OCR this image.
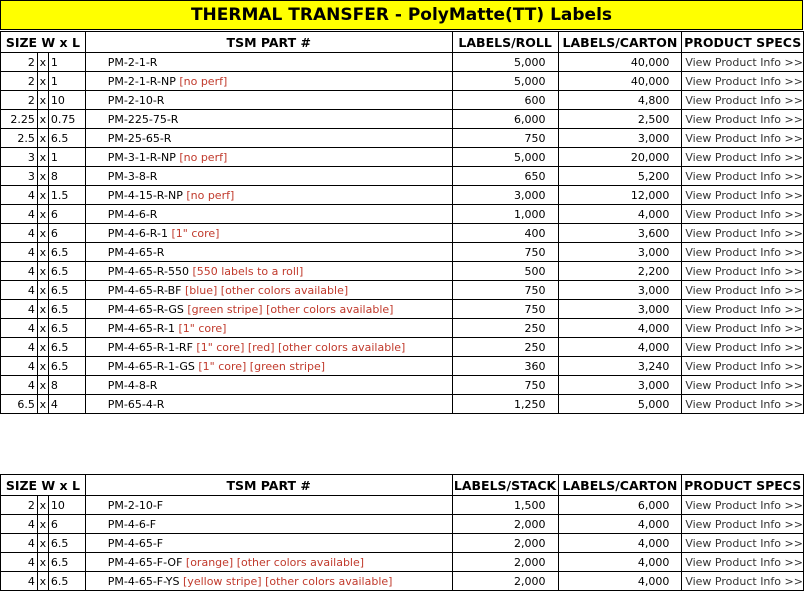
THERMAL TRANSFER - PolyMatte(TT) Labels
SIZE W x L			TSM PART #	LABELS/ROLL	LABELS/CARTON	PRODUCT SPECS
2	x	1	PM-2-1-R	5,000	40,000	View Product Info >>
2	x	1	PM-2-1-R-NP [no perf]	5,000	40,000	View Product Info >>
2	x	10	PM-2-10-R	600	4,800	View Product Info >>
2.25	x	0.75	PM-225-75-R	6,000	2,500	View Product Info >>
2.5	x	6.5	PM-25-65-R	750	3,000	View Product Info >>
3	x	1	PM-3-1-R-NP [no perf]	5,000	20,000	View Product Info >>
3	x	8	PM-3-8-R	650	5,200	View Product Info >>
4	x	1.5	PM-4-15-R-NP [no perf]	3,000	12,000	View Product Info >>
4	x	6	PM-4-6-R	1,000	4,000	View Product Info >>
4	x	6	PM-4-6-R-1 [1" core]	400	3,600	View Product Info >>
4	x	6.5	PM-4-65-R	750	3,000	View Product Info >>
4	x	6.5	PM-4-65-R-550 [550 labels to a roll]	500	2,200	View Product Info >>
4	x	6.5	PM-4-65-R-BF [blue] [other colors available]	750	3,000	View Product Info >>
4	x	6.5	PM-4-65-R-GS [green stripe] [other colors available]	750	3,000	View Product Info >>
4	x	6.5	PM-4-65-R-1 [1" core]	250	4,000	View Product Info >>
4	x	6.5	PM-4-65-R-1-RF [1" core] [red] [other colors available]	250	4,000	View Product Info >>
4	x	6.5	PM-4-65-R-1-GS [1" core] [green stripe]	360	3,240	View Product Info >>
4	x	8	PM-4-8-R	750	3,000	View Product Info >>
6.5	x	4	PM-65-4-R	1,250	5,000	View Product Info >>
SIZE W x L			TSM PART #	LABELS/STACK	LABELS/CARTON	PRODUCT SPECS
2	x	10	PM-2-10-F	1,500	6,000	View Product Info >>
4	x	6	PM-4-6-F	2,000	4,000	View Product Info >>
4	x	6.5	PM-4-65-F	2,000	4,000	View Product Info >>
4	x	6.5	PM-4-65-F-OF [orange] [other colors available]	2,000	4,000	View Product Info >>
4	x	6.5	PM-4-65-F-YS [yellow stripe] [other colors available]	2,000	4,000	View Product Info >>
